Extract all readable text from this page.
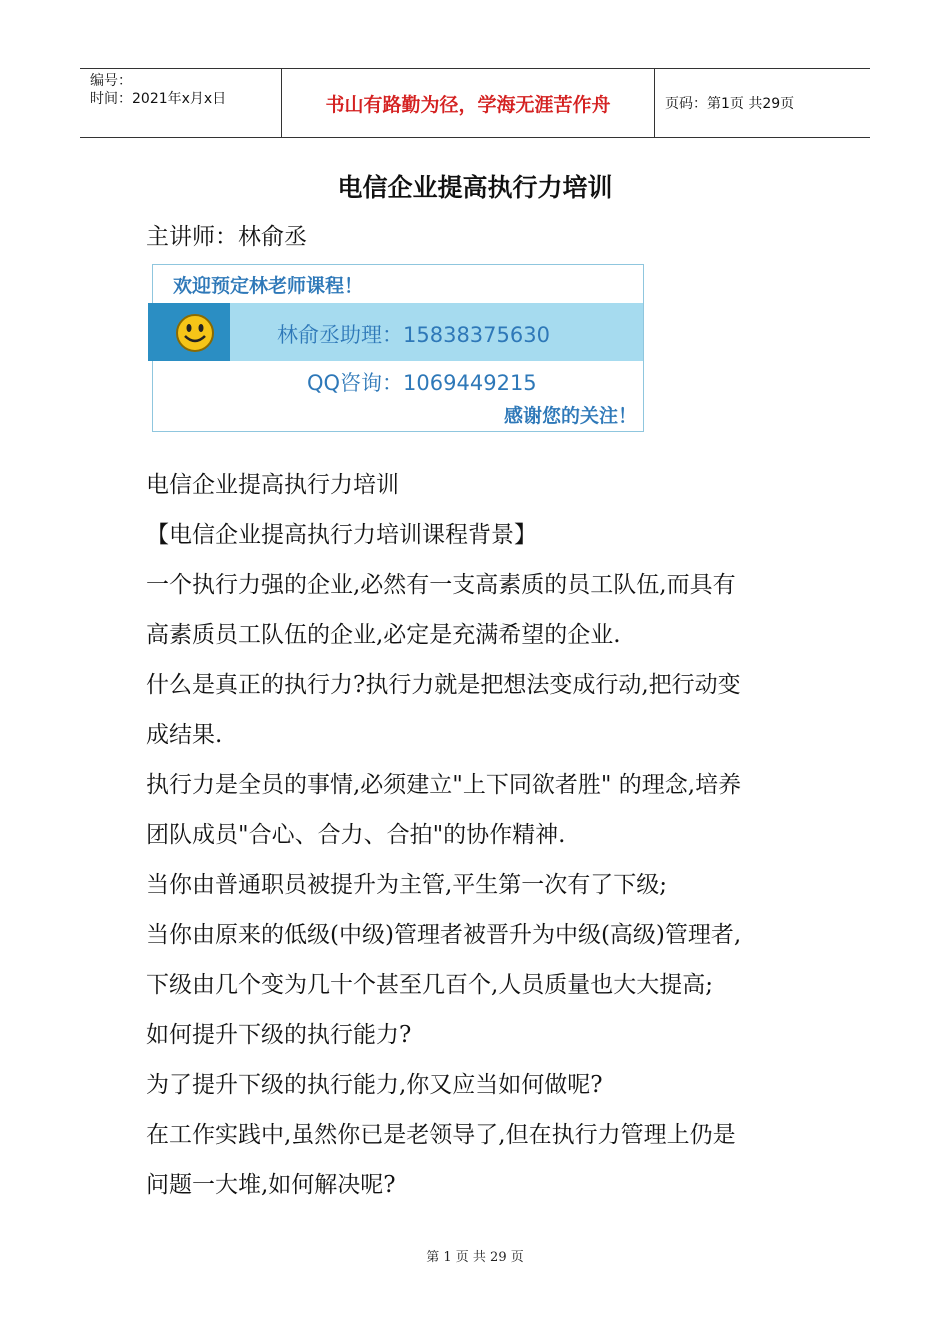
编号：
时间：2021年x月x日	书山有路勤为径，学海无涯苦作舟	页码：第1页 共29页
电信企业提高执行力培训
主讲师：林俞丞
欢迎预定林老师课程！
林俞丞助理：15838375630
QQ咨询：1069449215
感谢您的关注！

电信企业提高执行力培训

【电信企业提高执行力培训课程背景】

一个执行力强的企业,必然有一支高素质的员工队伍,而具有

高素质员工队伍的企业,必定是充满希望的企业.

什么是真正的执行力?执行力就是把想法变成行动,把行动变

成结果.

执行力是全员的事情,必须建立"上下同欲者胜" 的理念,培养

团队成员"合心、合力、合拍"的协作精神.

当你由普通职员被提升为主管,平生第一次有了下级;

当你由原来的低级(中级)管理者被晋升为中级(高级)管理者,

下级由几个变为几十个甚至几百个,人员质量也大大提高;

如何提升下级的执行能力?

为了提升下级的执行能力,你又应当如何做呢?

在工作实践中,虽然你已是老领导了,但在执行力管理上仍是

问题一大堆,如何解决呢?

第 1 页 共 29 页
